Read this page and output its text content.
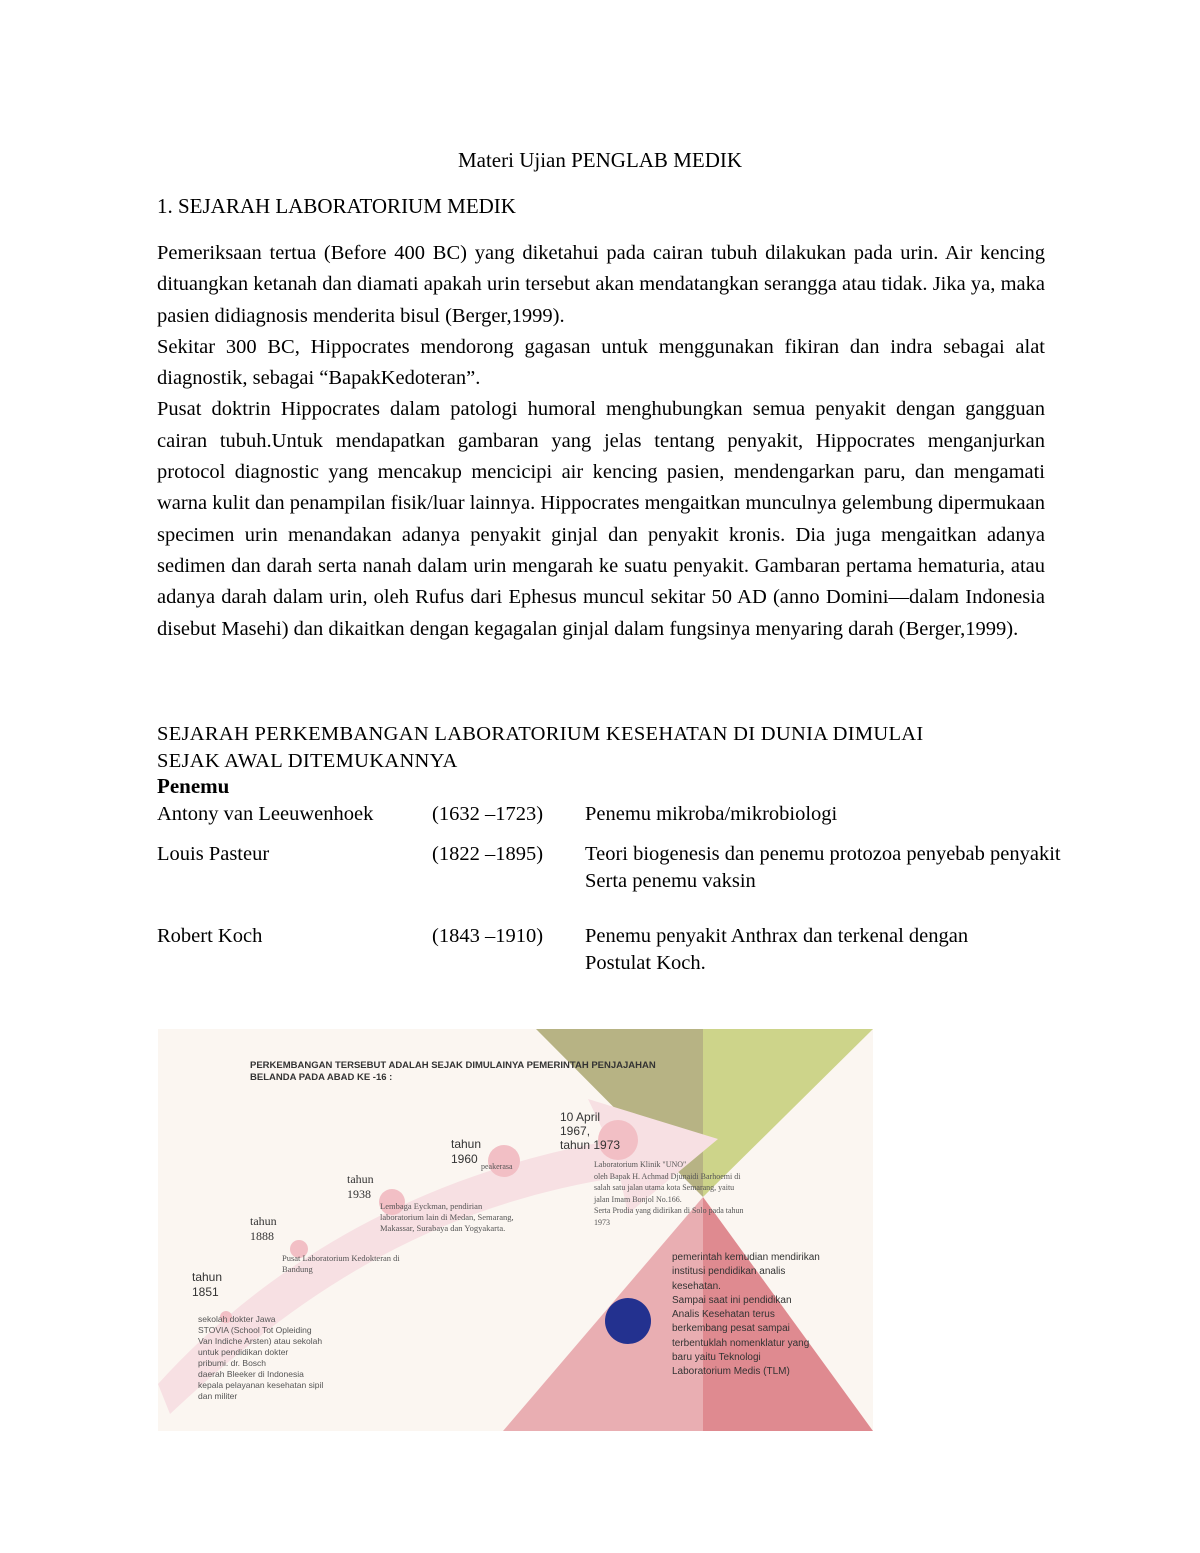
Materi Ujian PENGLAB MEDIK
1. SEJARAH LABORATORIUM MEDIK

Pemeriksaan tertua (Before 400 BC) yang diketahui pada cairan tubuh dilakukan pada urin. Air kencing dituangkan ketanah dan diamati apakah urin tersebut akan mendatangkan serangga atau tidak. Jika ya, maka pasien didiagnosis menderita bisul (Berger,1999).

Sekitar 300 BC, Hippocrates mendorong gagasan untuk menggunakan fikiran dan indra sebagai alat diagnostik, sebagai “BapakKedoteran”.

Pusat doktrin Hippocrates dalam patologi humoral menghubungkan semua penyakit dengan gangguan cairan tubuh.Untuk mendapatkan gambaran yang jelas tentang penyakit, Hippocrates menganjurkan protocol diagnostic yang mencakup mencicipi air kencing pasien, mendengarkan paru, dan mengamati warna kulit dan penampilan fisik/luar lainnya. Hippocrates mengaitkan munculnya gelembung dipermukaan specimen urin menandakan adanya penyakit ginjal dan penyakit kronis. Dia juga mengaitkan adanya sedimen dan darah serta nanah dalam urin mengarah ke suatu penyakit. Gambaran pertama hematuria, atau adanya darah dalam urin, oleh Rufus dari Ephesus muncul sekitar 50 AD (anno Domini—dalam Indonesia disebut Masehi) dan dikaitkan dengan kegagalan ginjal dalam fungsinya menyaring darah (Berger,1999).

SEJARAH PERKEMBANGAN LABORATORIUM KESEHATAN DI DUNIA DIMULAI
SEJAK AWAL DITEMUKANNYA
Penemu
Antony van Leeuwenhoek	(1632 –1723) Penemu mikroba/mikrobiologi
Louis Pasteur	(1822 –1895) Teori biogenesis dan penemu protozoa penyebab penyakit
Serta penemu vaksin
Robert Koch	(1843 –1910) Penemu penyakit Anthrax dan terkenal dengan
Postulat Koch.
PERKEMBANGAN TERSEBUT ADALAH SEJAK DIMULAINYA PEMERINTAH PENJAJAHAN
BELANDA PADA ABAD KE -16 :
tahun
1851
sekolah dokter Jawa
STOVIA (School Tot Opleiding
Van Indiche Arsten) atau sekolah
untuk pendidikan dokter
pribumi. dr. Bosch
daerah Bleeker di Indonesia
kepala pelayanan kesehatan sipil
dan militer
tahun
1888
Pusat Laboratorium Kedokteran di
Bandung
tahun
1938
Lembaga Eyckman, pendirian
laboratorium lain di Medan, Semarang,
Makassar, Surabaya dan Yogyakarta.
tahun
1960
peakerasa
10 April
1967,
tahun 1973
Laboratorium Klinik "UNO"
oleh Bapak H. Achmad Djunaidi Barhoemi di
salah satu jalan utama kota Semarang, yaitu
jalan Imam Bonjol No.166.
Serta Prodia yang didirikan di Solo pada tahun
1973
pemerintah kemudian mendirikan
institusi pendidikan analis
kesehatan.
Sampai saat ini pendidikan
Analis Kesehatan terus
berkembang pesat sampai
terbentuklah nomenklatur yang
baru yaitu Teknologi
Laboratorium Medis (TLM)
